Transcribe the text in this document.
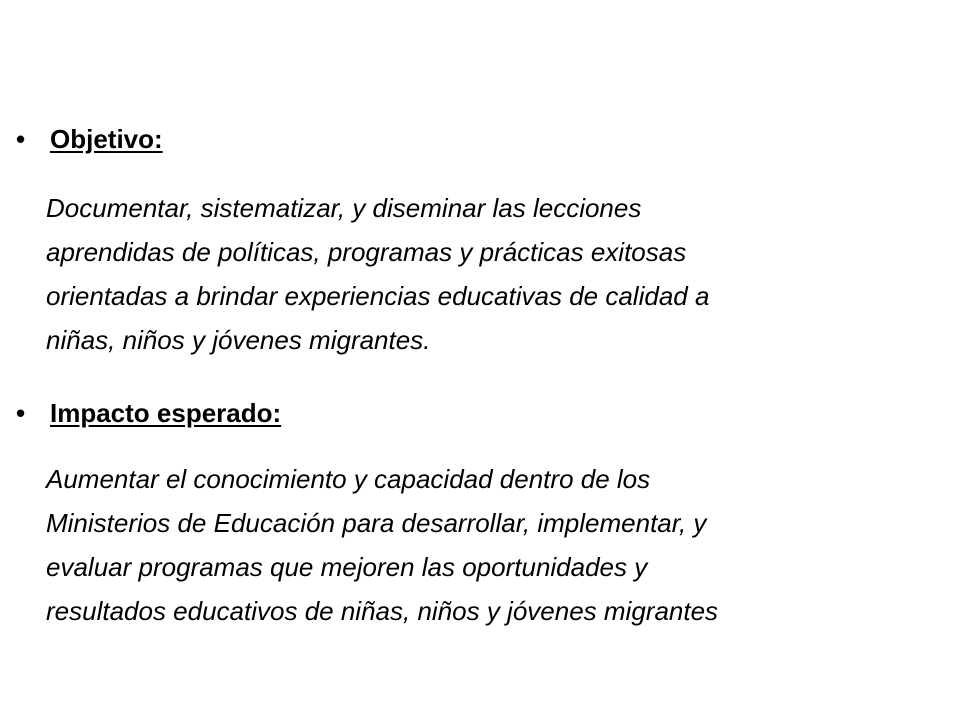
• Objetivo:
Documentar, sistematizar, y diseminar las lecciones
aprendidas de políticas, programas y prácticas exitosas
orientadas a brindar experiencias educativas de calidad a
niñas, niños y jóvenes migrantes.
• Impacto esperado:
Aumentar el conocimiento y capacidad dentro de los
Ministerios de Educación para desarrollar, implementar, y
evaluar programas que mejoren las oportunidades y
resultados educativos de niñas, niños y jóvenes migrantes
